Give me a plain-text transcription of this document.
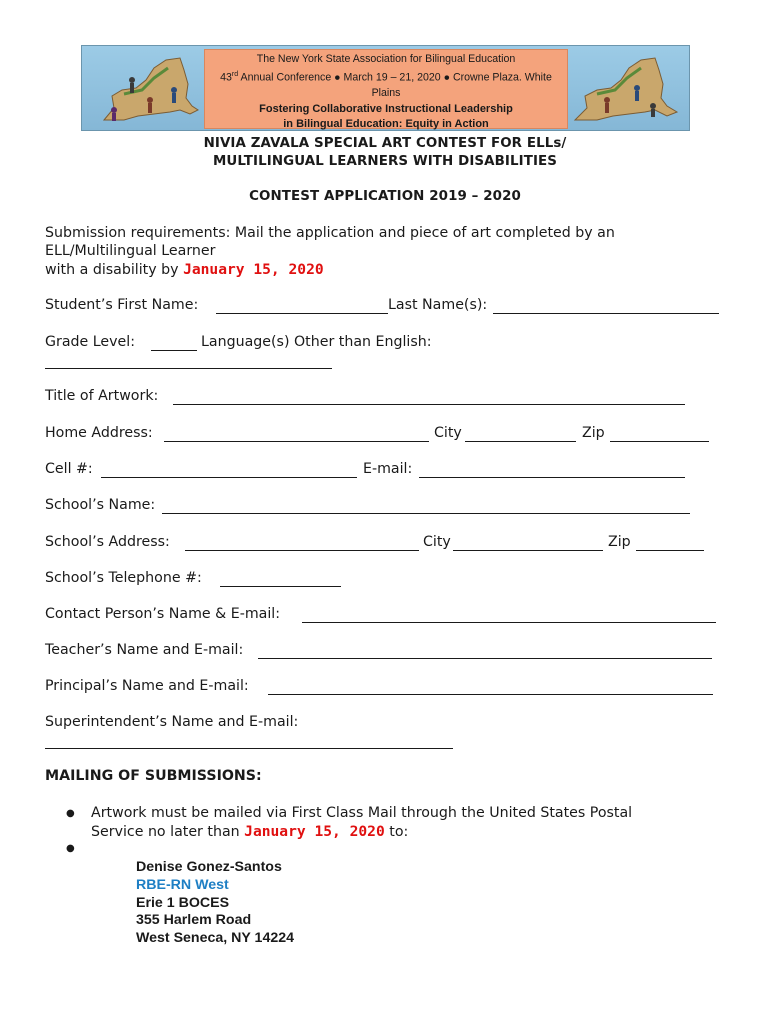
The New York State Association for Bilingual Education
43rd Annual Conference ● March 19 – 21, 2020 ● Crowne Plaza. White Plains
Fostering Collaborative Instructional Leadership
in Bilingual Education: Equity in Action
NIVIA ZAVALA SPECIAL ART CONTEST FOR ELLs/
MULTILINGUAL LEARNERS WITH DISABILITIES
CONTEST APPLICATION 2019 – 2020
Submission requirements: Mail the application and piece of art completed by an
ELL/Multilingual Learner
with a disability by January 15, 2020
Student’s First Name:	Last Name(s):
Grade Level:	Language(s) Other than English:
Title of Artwork:
Home Address:	City	Zip
Cell #:	E-mail:
School’s Name:
School’s Address:	City	Zip
School’s Telephone #:
Contact Person’s Name & E-mail:
Teacher’s Name and E-mail:
Principal’s Name and E-mail:
Superintendent’s Name and E-mail:
MAILING OF SUBMISSIONS:
● Artwork must be mailed via First Class Mail through the United States Postal
Service no later than January 15, 2020 to:
●
Denise Gonez-Santos
RBE-RN West
Erie 1 BOCES
355 Harlem Road
West Seneca, NY 14224
